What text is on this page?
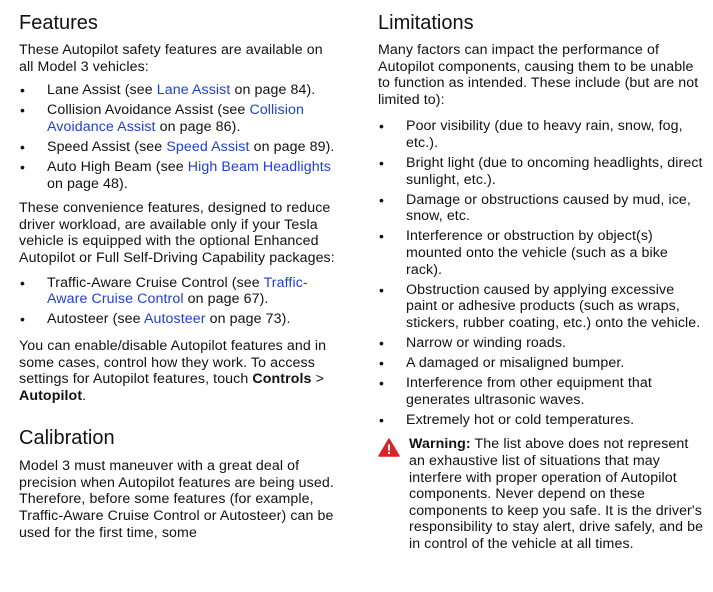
Features

These Autopilot safety features are available on all Model 3 vehicles:

• Lane Assist (see Lane Assist on page 84).
• Collision Avoidance Assist (see Collision Avoidance Assist on page 86).
• Speed Assist (see Speed Assist on page 89).
• Auto High Beam (see High Beam Headlights on page 48).

These convenience features, designed to reduce driver workload, are available only if your Tesla vehicle is equipped with the optional Enhanced Autopilot or Full Self-Driving Capability packages:

• Traffic-Aware Cruise Control (see Traffic-Aware Cruise Control on page 67).
• Autosteer (see Autosteer on page 73).

You can enable/disable Autopilot features and in some cases, control how they work. To access settings for Autopilot features, touch Controls > Autopilot.

Calibration

Model 3 must maneuver with a great deal of precision when Autopilot features are being used. Therefore, before some features (for example, Traffic-Aware Cruise Control or Autosteer) can be used for the first time, some

Limitations

Many factors can impact the performance of Autopilot components, causing them to be unable to function as intended. These include (but are not limited to):

• Poor visibility (due to heavy rain, snow, fog, etc.).
• Bright light (due to oncoming headlights, direct sunlight, etc.).
• Damage or obstructions caused by mud, ice, snow, etc.
• Interference or obstruction by object(s) mounted onto the vehicle (such as a bike rack).
• Obstruction caused by applying excessive paint or adhesive products (such as wraps, stickers, rubber coating, etc.) onto the vehicle.
• Narrow or winding roads.
• A damaged or misaligned bumper.
• Interference from other equipment that generates ultrasonic waves.
• Extremely hot or cold temperatures.
Warning: The list above does not represent an exhaustive list of situations that may interfere with proper operation of Autopilot components. Never depend on these components to keep you safe. It is the driver's responsibility to stay alert, drive safely, and be in control of the vehicle at all times.
